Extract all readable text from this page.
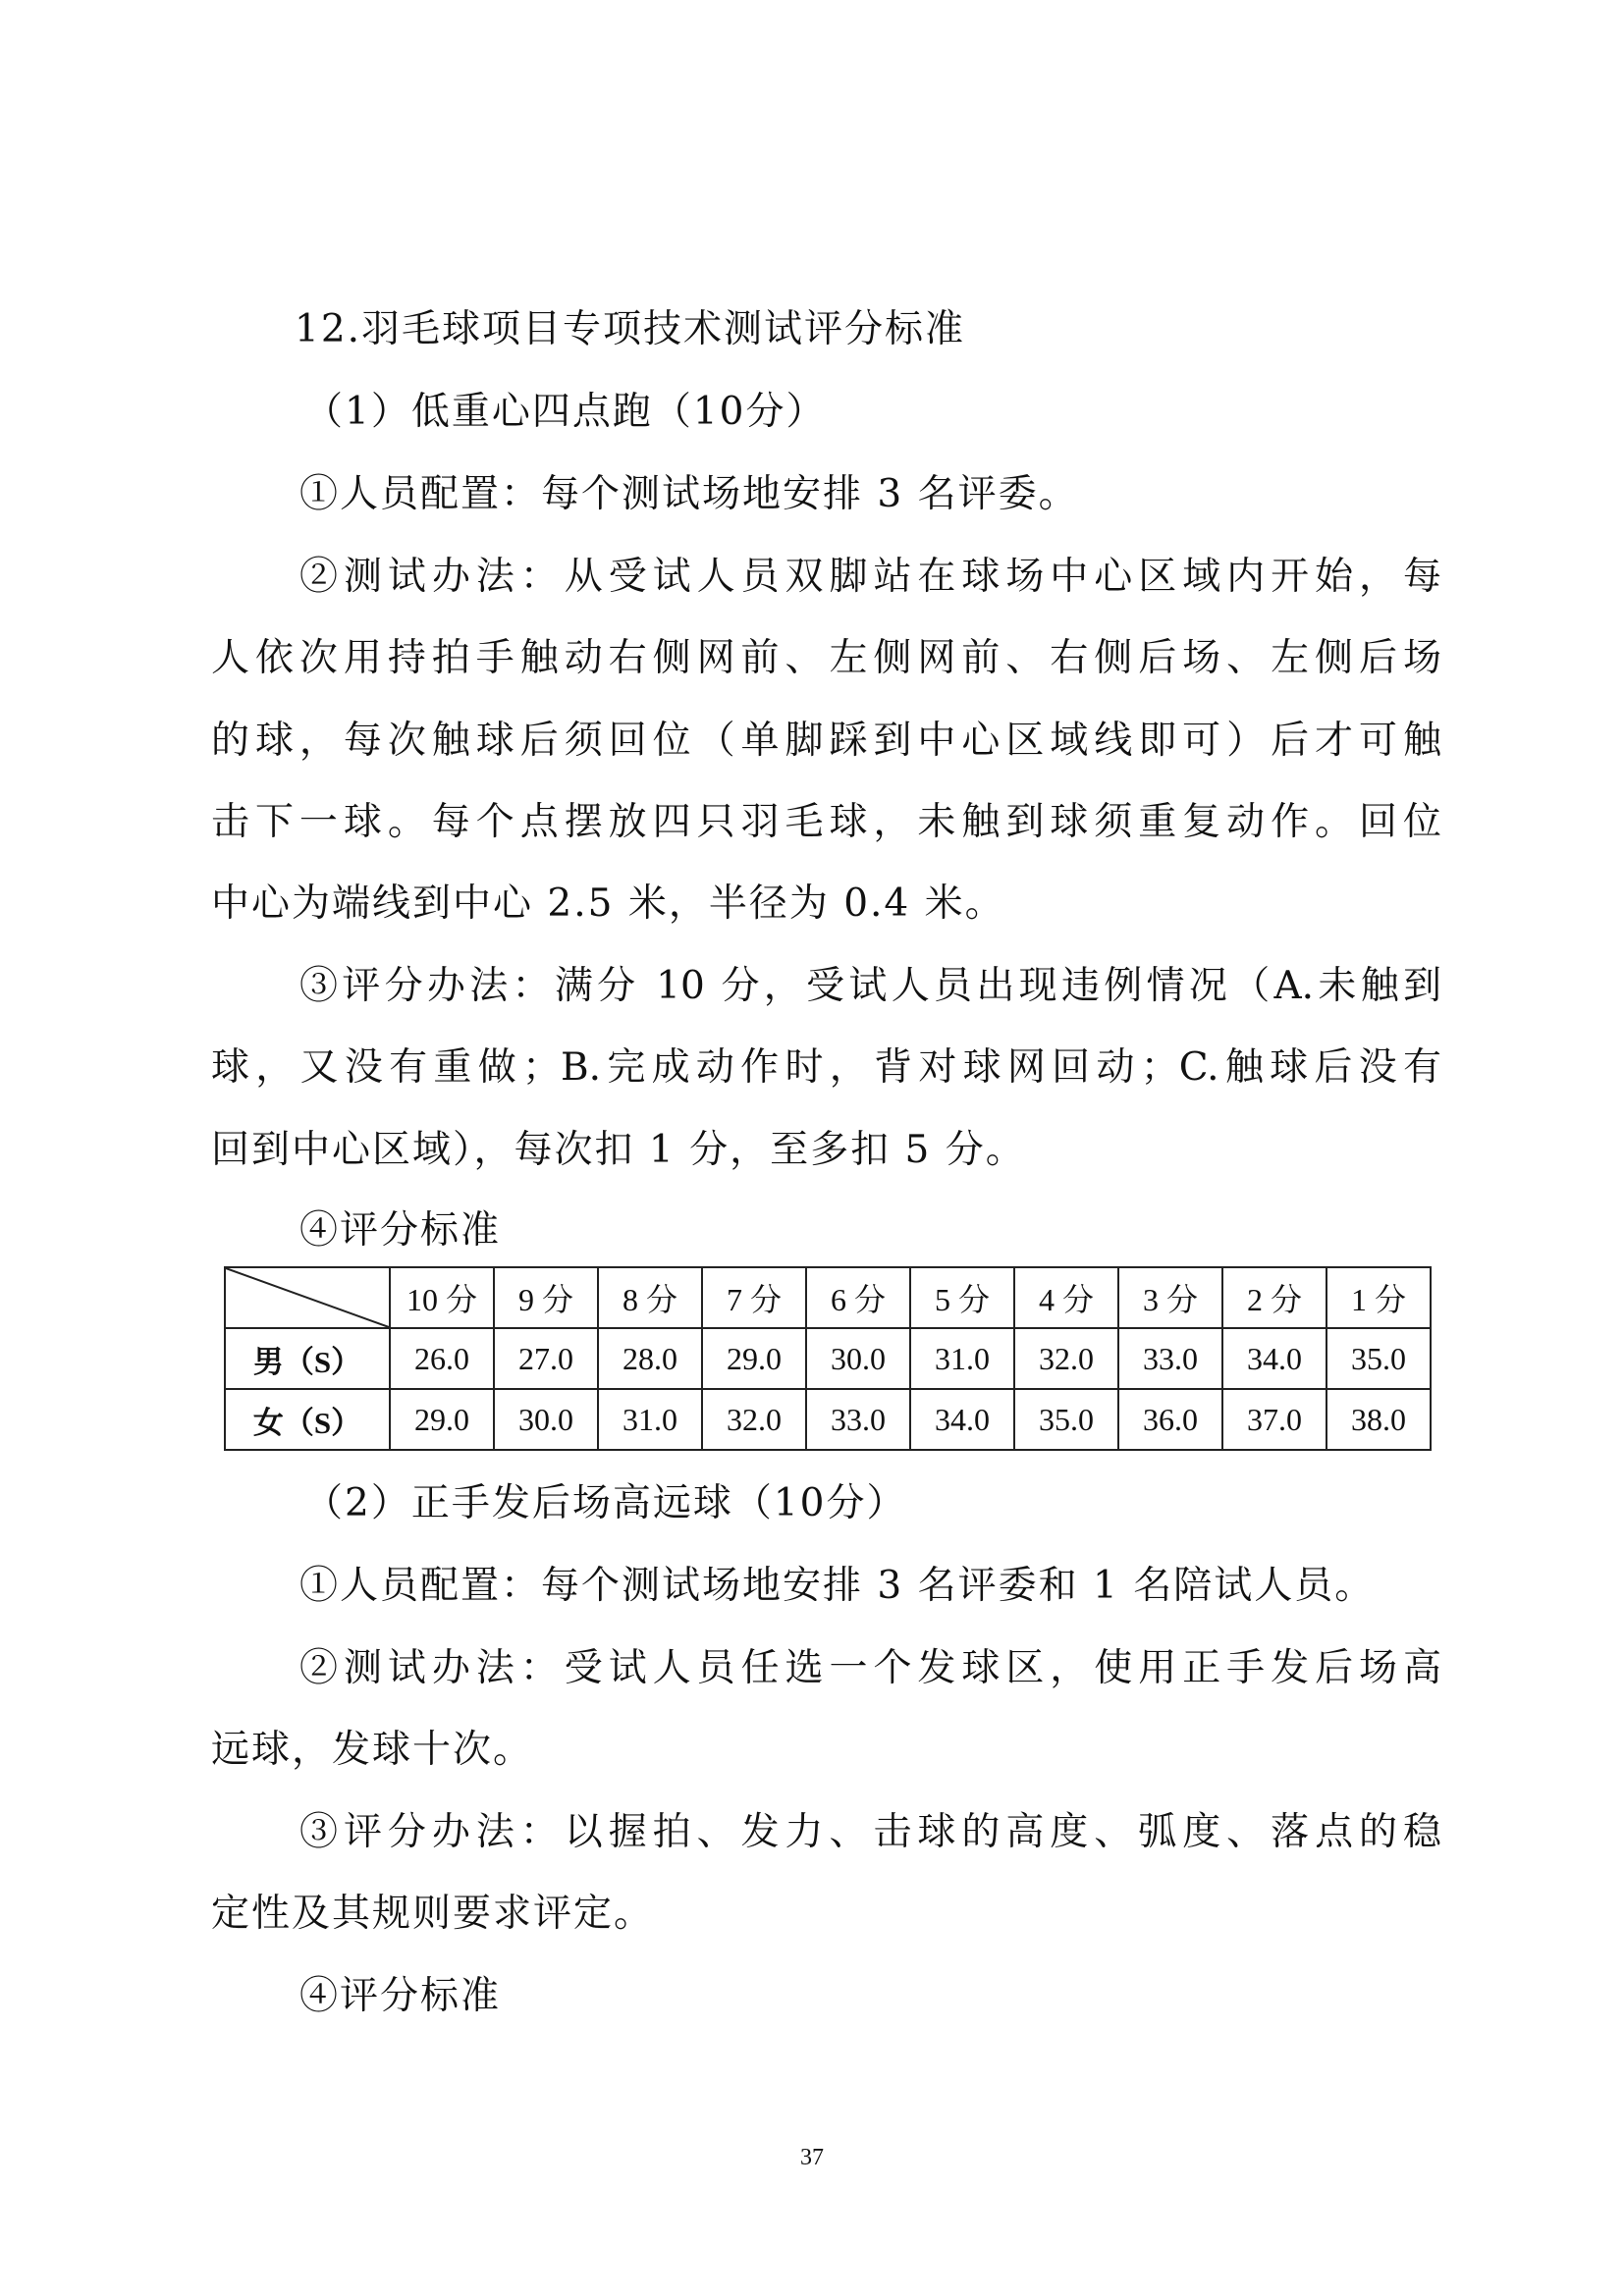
12.羽毛球项目专项技术测试评分标准
（1）低重心四点跑（10分）
①人员配置：每个测试场地安排 3 名评委。
②测试办法：从受试人员双脚站在球场中心区域内开始，每
人依次用持拍手触动右侧网前、左侧网前、右侧后场、左侧后场
的球，每次触球后须回位（单脚踩到中心区域线即可）后才可触
击下一球。每个点摆放四只羽毛球，未触到球须重复动作。回位
中心为端线到中心 2.5 米，半径为 0.4 米。
③评分办法：满分 10 分，受试人员出现违例情况（A.未触到
球，又没有重做；B.完成动作时，背对球网回动；C.触球后没有
回到中心区域），每次扣 1 分，至多扣 5 分。
④评分标准
	10 分	9 分	8 分	7 分	6 分	5 分	4 分	3 分	2 分	1 分
男（S）	26.0	27.0	28.0	29.0	30.0	31.0	32.0	33.0	34.0	35.0
女（S）	29.0	30.0	31.0	32.0	33.0	34.0	35.0	36.0	37.0	38.0
（2）正手发后场高远球（10分）
①人员配置：每个测试场地安排 3 名评委和 1 名陪试人员。
②测试办法：受试人员任选一个发球区，使用正手发后场高
远球，发球十次。
③评分办法：以握拍、发力、击球的高度、弧度、落点的稳
定性及其规则要求评定。
④评分标准
37
